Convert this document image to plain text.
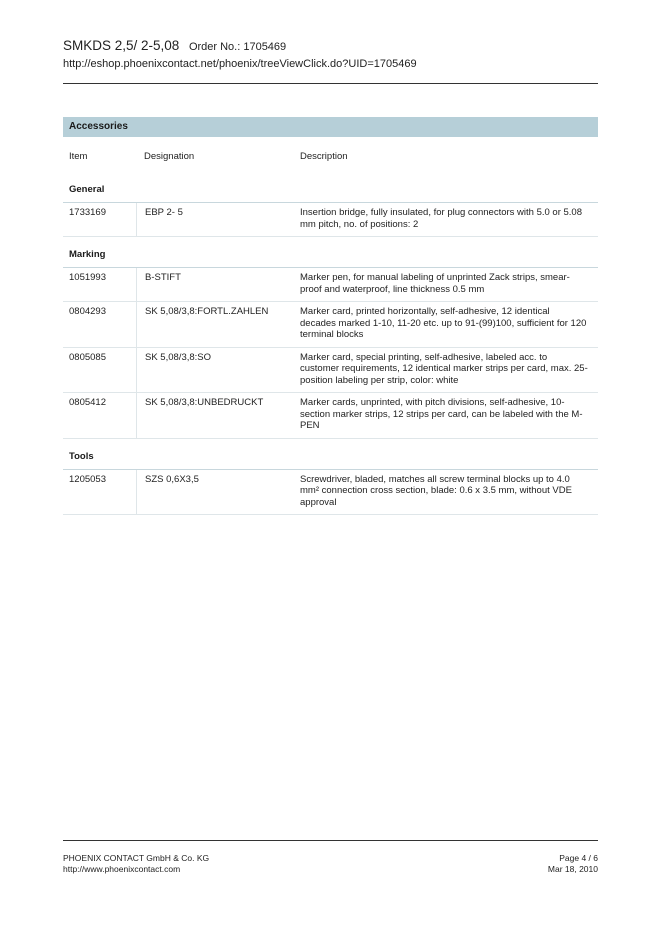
SMKDS 2,5/ 2-5,08 Order No.: 1705469
http://eshop.phoenixcontact.net/phoenix/treeViewClick.do?UID=1705469
Accessories
Item	Designation	Description
General
1733169	EBP 2- 5	Insertion bridge, fully insulated, for plug connectors with 5.0 or 5.08 mm pitch, no. of positions: 2
Marking
1051993	B-STIFT	Marker pen, for manual labeling of unprinted Zack strips, smear-proof and waterproof, line thickness 0.5 mm
0804293	SK 5,08/3,8:FORTL.ZAHLEN	Marker card, printed horizontally, self-adhesive, 12 identical decades marked 1-10, 11-20 etc. up to 91-(99)100, sufficient for 120 terminal blocks
0805085	SK 5,08/3,8:SO	Marker card, special printing, self-adhesive, labeled acc. to customer requirements, 12 identical marker strips per card, max. 25-position labeling per strip, color: white
0805412	SK 5,08/3,8:UNBEDRUCKT	Marker cards, unprinted, with pitch divisions, self-adhesive, 10-section marker strips, 12 strips per card, can be labeled with the M-PEN
Tools
1205053	SZS 0,6X3,5	Screwdriver, bladed, matches all screw terminal blocks up to 4.0 mm² connection cross section, blade: 0.6 x 3.5 mm, without VDE approval
PHOENIX CONTACT GmbH & Co. KG
http://www.phoenixcontact.com
Page 4 / 6
Mar 18, 2010
